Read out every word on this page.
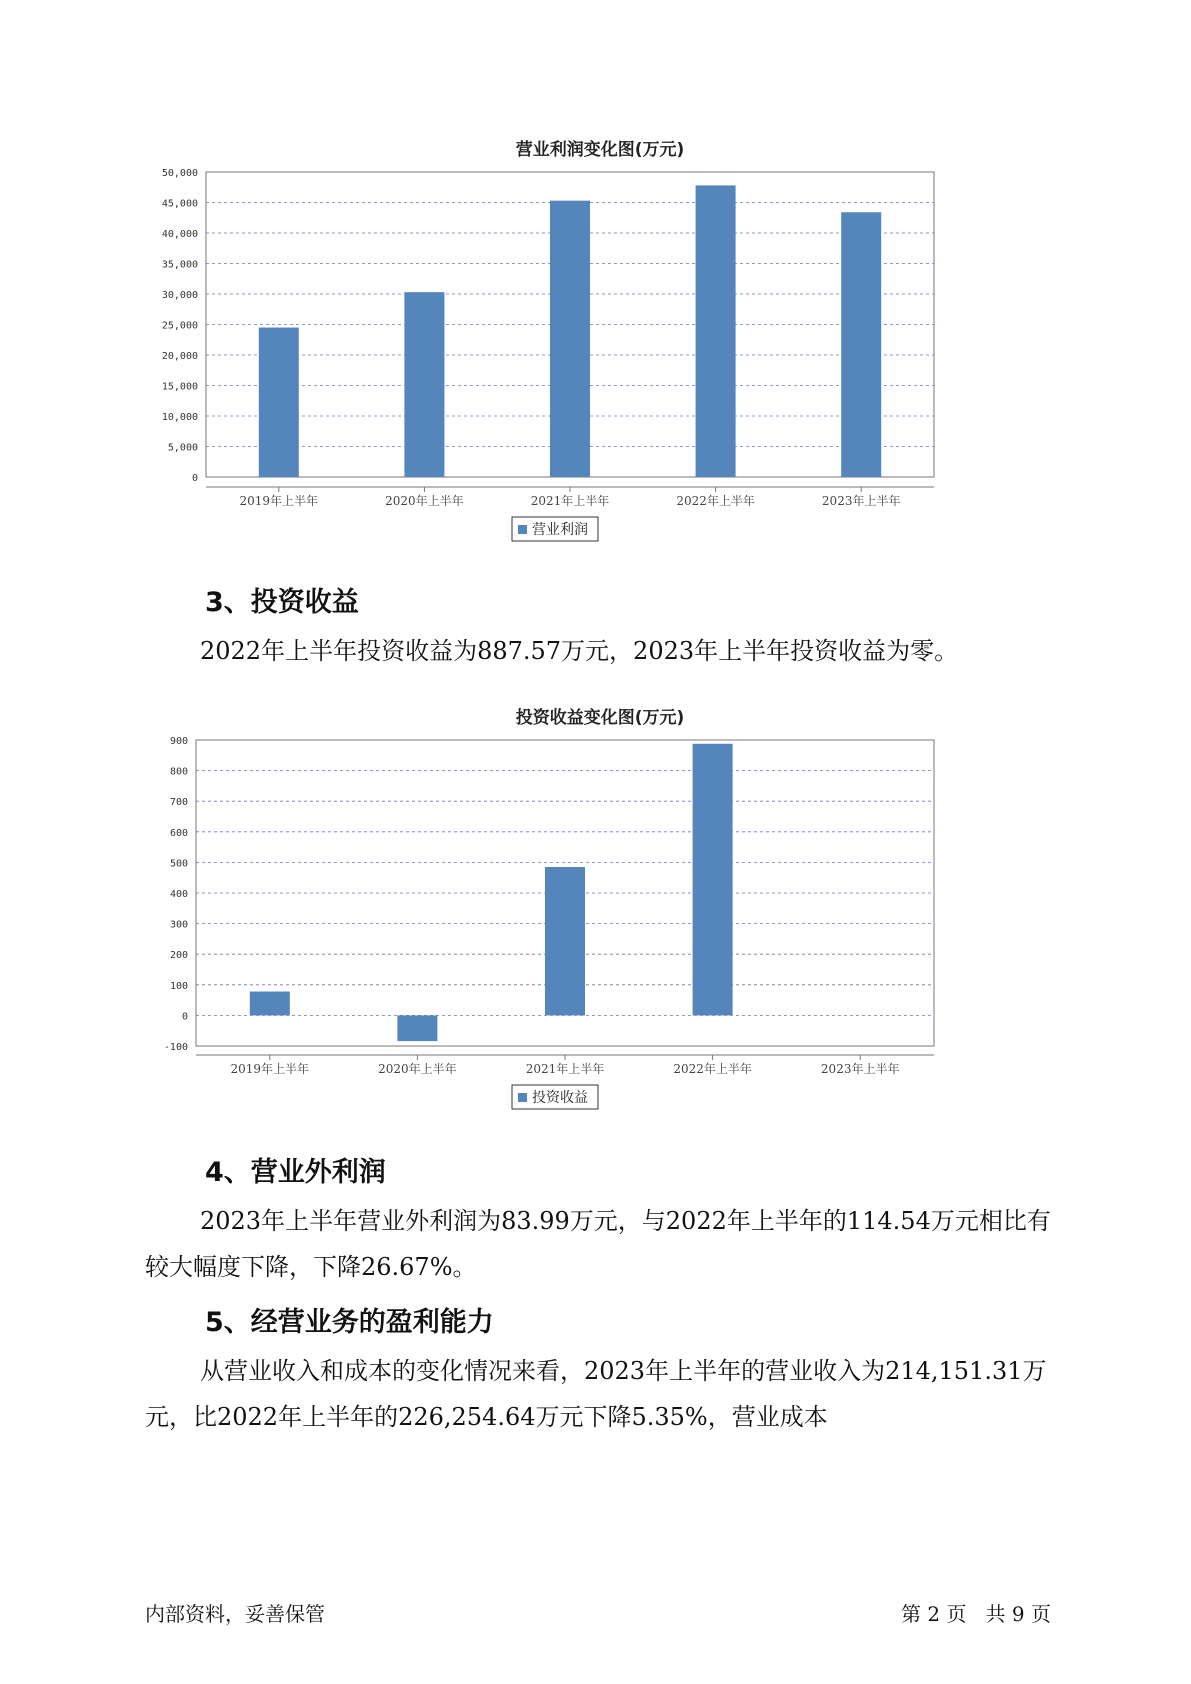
营业利润变化图(万元)
0
5,000
10,000
15,000
20,000
25,000
30,000
35,000
40,000
45,000
50,000
2019年上半年	2020年上半年	2021年上半年	2022年上半年	2023年上半年
营业利润
3、投资收益

2022年上半年投资收益为887.57万元，2023年上半年投资收益为零。

投资收益变化图(万元)
-100
0
100
200
300
400
500
600
700
800
900
2019年上半年	2020年上半年	2021年上半年	2022年上半年	2023年上半年
投资收益
4、营业外利润

2023年上半年营业外利润为83.99万元，与2022年上半年的114.54万元相比有较大幅度下降，下降26.67%。

5、经营业务的盈利能力

从营业收入和成本的变化情况来看，2023年上半年的营业收入为214,151.31万元，比2022年上半年的226,254.64万元下降5.35%，营业成本

内部资料，妥善保管	第 2 页   共 9 页
